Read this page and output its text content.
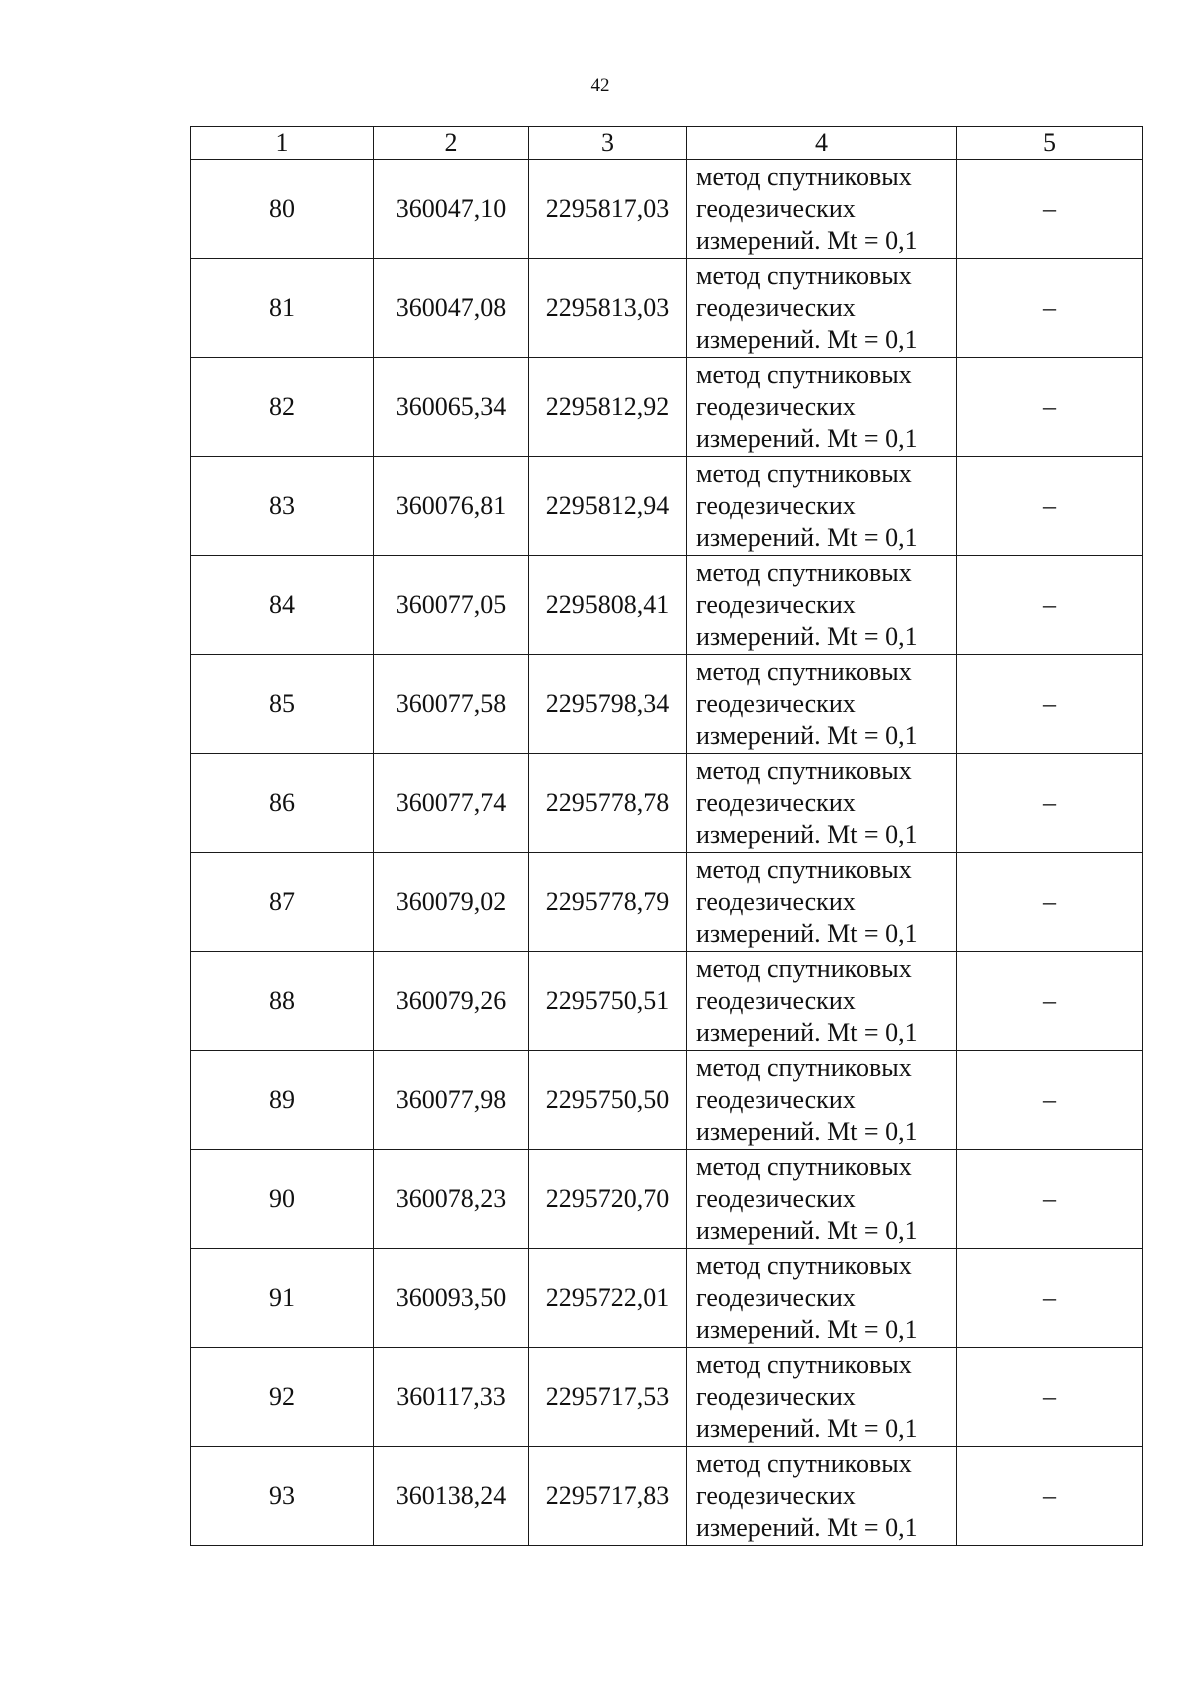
42
1	2	3	4	5
80	360047,10	2295817,03	метод спутниковых
геодезических
измерений. Mt = 0,1	–
81	360047,08	2295813,03	метод спутниковых
геодезических
измерений. Mt = 0,1	–
82	360065,34	2295812,92	метод спутниковых
геодезических
измерений. Mt = 0,1	–
83	360076,81	2295812,94	метод спутниковых
геодезических
измерений. Mt = 0,1	–
84	360077,05	2295808,41	метод спутниковых
геодезических
измерений. Mt = 0,1	–
85	360077,58	2295798,34	метод спутниковых
геодезических
измерений. Mt = 0,1	–
86	360077,74	2295778,78	метод спутниковых
геодезических
измерений. Mt = 0,1	–
87	360079,02	2295778,79	метод спутниковых
геодезических
измерений. Mt = 0,1	–
88	360079,26	2295750,51	метод спутниковых
геодезических
измерений. Mt = 0,1	–
89	360077,98	2295750,50	метод спутниковых
геодезических
измерений. Mt = 0,1	–
90	360078,23	2295720,70	метод спутниковых
геодезических
измерений. Mt = 0,1	–
91	360093,50	2295722,01	метод спутниковых
геодезических
измерений. Mt = 0,1	–
92	360117,33	2295717,53	метод спутниковых
геодезических
измерений. Mt = 0,1	–
93	360138,24	2295717,83	метод спутниковых
геодезических
измерений. Mt = 0,1	–
